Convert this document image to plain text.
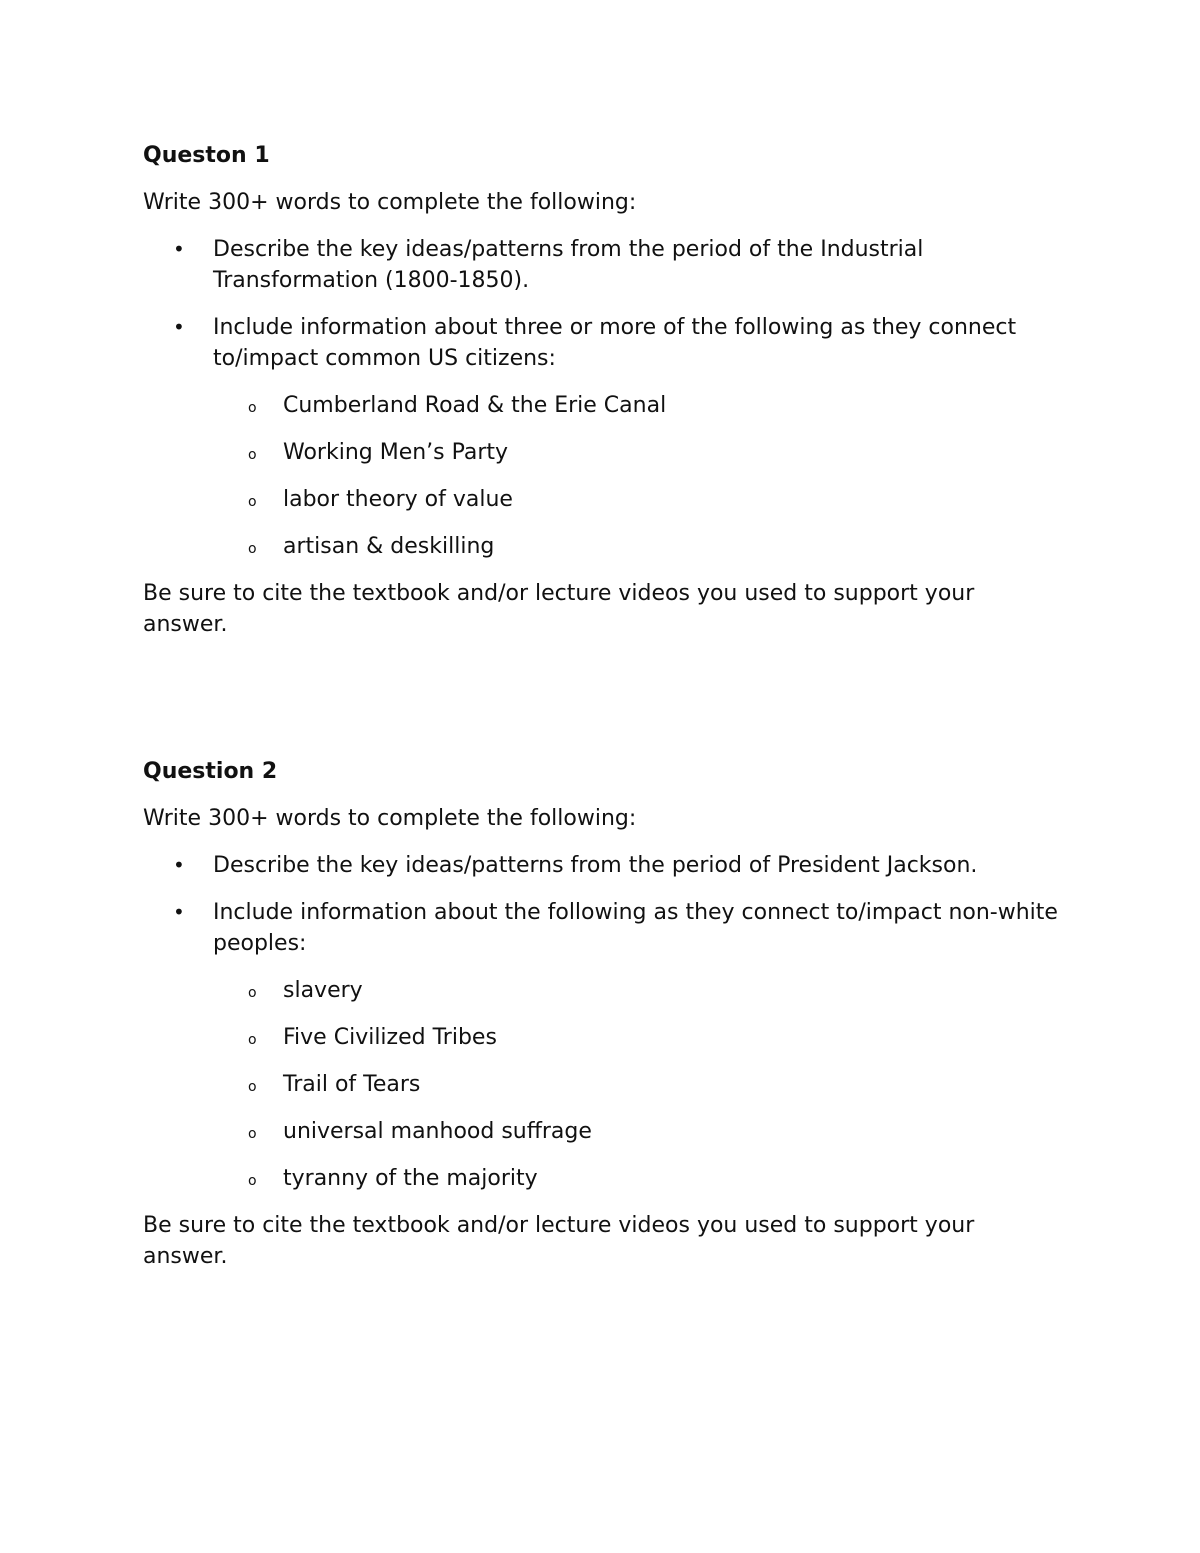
Queston 1

Write 300+ words to complete the following:

• Describe the key ideas/patterns from the period of the Industrial Transformation (1800-1850).
• Include information about three or more of the following as they connect to/impact common US citizens:
o Cumberland Road & the Erie Canal
o Working Men’s Party
o labor theory of value
o artisan & deskilling

Be sure to cite the textbook and/or lecture videos you used to support your answer.

Question 2

Write 300+ words to complete the following:

• Describe the key ideas/patterns from the period of President Jackson.
• Include information about the following as they connect to/impact non-white peoples:
o slavery
o Five Civilized Tribes
o Trail of Tears
o universal manhood suffrage
o tyranny of the majority

Be sure to cite the textbook and/or lecture videos you used to support your answer.
